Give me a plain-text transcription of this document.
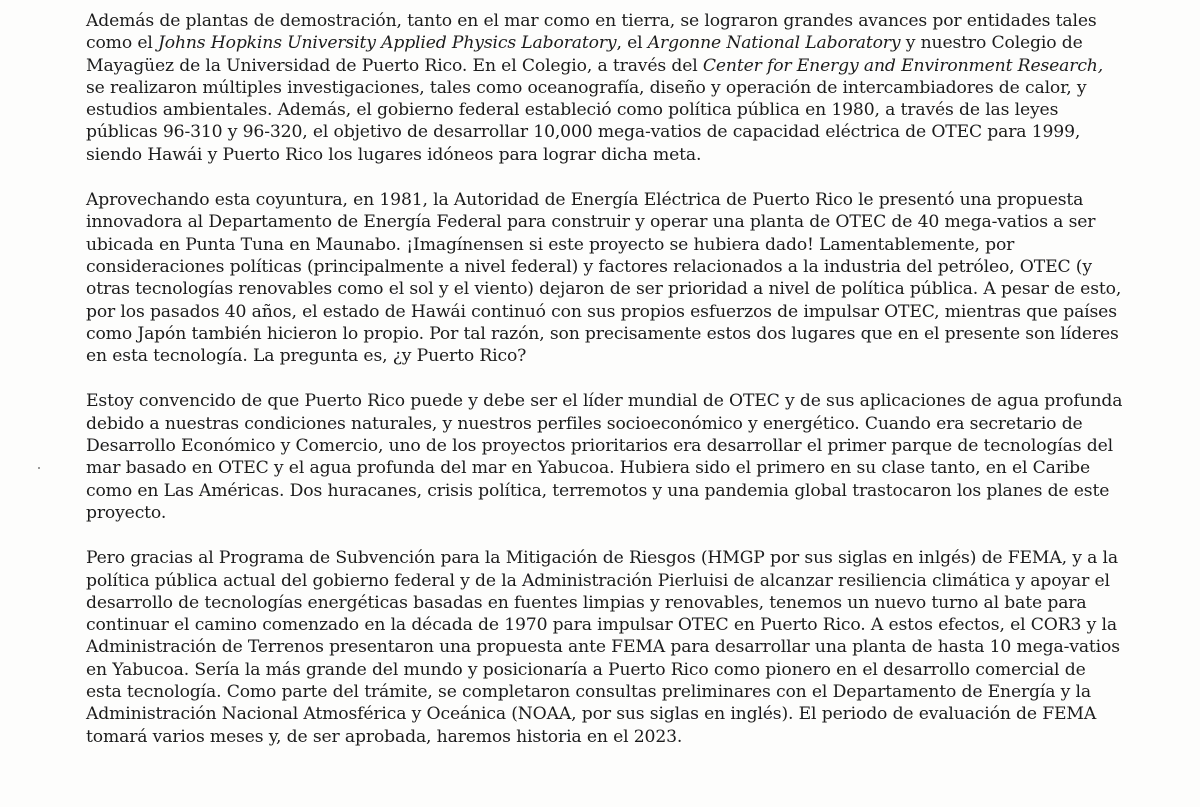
Además de plantas de demostración, tanto en el mar como en tierra, se lograron grandes avances por entidades tales como el Johns Hopkins University Applied Physics Laboratory, el Argonne National Laboratory y nuestro Colegio de Mayagüez de la Universidad de Puerto Rico. En el Colegio, a través del Center for Energy and Environment Research, se realizaron múltiples investigaciones, tales como oceanografía, diseño y operación de intercambiadores de calor, y estudios ambientales. Además, el gobierno federal estableció como política pública en 1980, a través de las leyes públicas 96-310 y 96-320, el objetivo de desarrollar 10,000 mega-vatios de capacidad eléctrica de OTEC para 1999, siendo Hawái y Puerto Rico los lugares idóneos para lograr dicha meta.

Aprovechando esta coyuntura, en 1981, la Autoridad de Energía Eléctrica de Puerto Rico le presentó una propuesta innovadora al Departamento de Energía Federal para construir y operar una planta de OTEC de 40 mega-vatios a ser ubicada en Punta Tuna en Maunabo. ¡Imagínensen si este proyecto se hubiera dado! Lamentablemente, por consideraciones políticas (principalmente a nivel federal) y factores relacionados a la industria del petróleo, OTEC (y otras tecnologías renovables como el sol y el viento) dejaron de ser prioridad a nivel de política pública. A pesar de esto, por los pasados 40 años, el estado de Hawái continuó con sus propios esfuerzos de impulsar OTEC, mientras que países como Japón también hicieron lo propio. Por tal razón, son precisamente estos dos lugares que en el presente son líderes en esta tecnología. La pregunta es, ¿y Puerto Rico?

Estoy convencido de que Puerto Rico puede y debe ser el líder mundial de OTEC y de sus aplicaciones de agua profunda debido a nuestras condiciones naturales, y nuestros perfiles socioeconómico y energético. Cuando era secretario de Desarrollo Económico y Comercio, uno de los proyectos prioritarios era desarrollar el primer parque de tecnologías del mar basado en OTEC y el agua profunda del mar en Yabucoa. Hubiera sido el primero en su clase tanto, en el Caribe como en Las Américas. Dos huracanes, crisis política, terremotos y una pandemia global trastocaron los planes de este proyecto.

Pero gracias al Programa de Subvención para la Mitigación de Riesgos (HMGP por sus siglas en inlgés) de FEMA, y a la política pública actual del gobierno federal y de la Administración Pierluisi de alcanzar resiliencia climática y apoyar el desarrollo de tecnologías energéticas basadas en fuentes limpias y renovables, tenemos un nuevo turno al bate para continuar el camino comenzado en la década de 1970 para impulsar OTEC en Puerto Rico. A estos efectos, el COR3 y la Administración de Terrenos presentaron una propuesta ante FEMA para desarrollar una planta de hasta 10 mega-vatios en Yabucoa. Sería la más grande del mundo y posicionaría a Puerto Rico como pionero en el desarrollo comercial de esta tecnología. Como parte del trámite, se completaron consultas preliminares con el Departamento de Energía y la Administración Nacional Atmosférica y Oceánica (NOAA, por sus siglas en inglés). El periodo de evaluación de FEMA tomará varios meses y, de ser aprobada, haremos historia en el 2023.
